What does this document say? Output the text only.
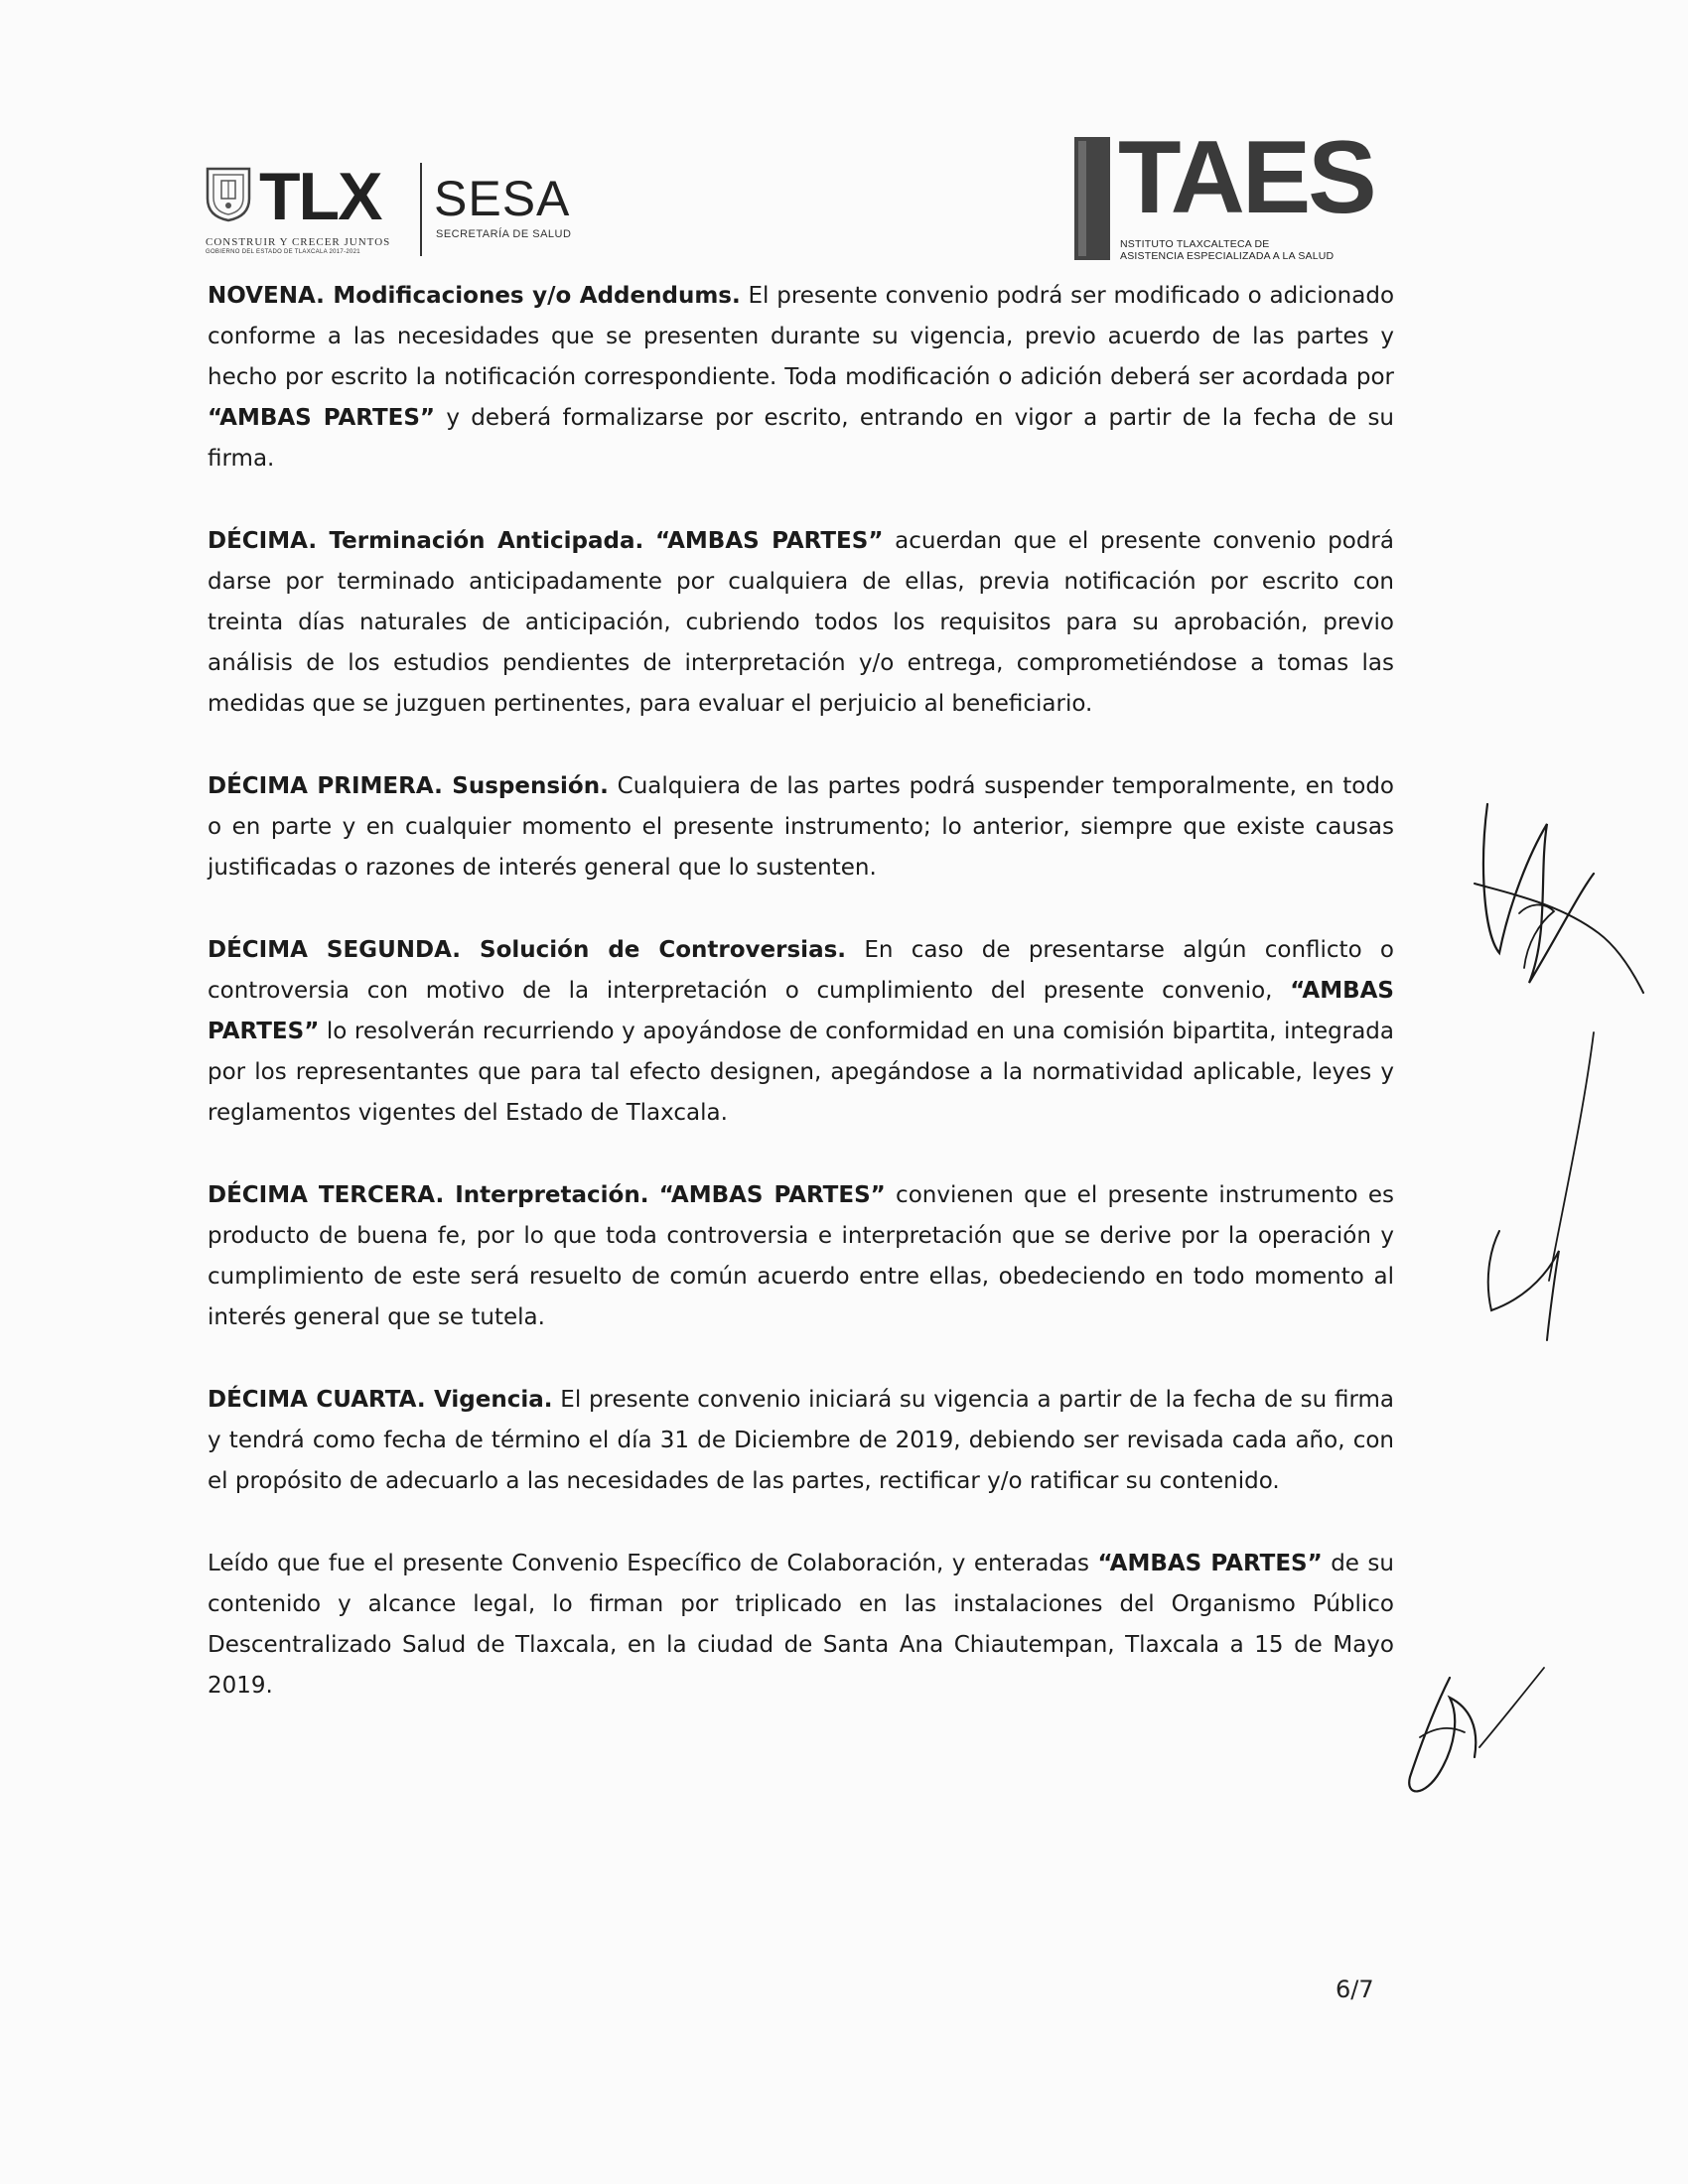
TLX
CONSTRUIR Y CRECER JUNTOS
GOBIERNO DEL ESTADO DE TLAXCALA 2017-2021
SESA
SECRETARÍA DE SALUD	TAES
NSTITUTO TLAXCALTECA DE
ASISTENCIA ESPECIALIZADA A LA SALUD

NOVENA. Modificaciones y/o Addendums. El presente convenio podrá ser modificado o adicionado conforme a las necesidades que se presenten durante su vigencia, previo acuerdo de las partes y hecho por escrito la notificación correspondiente. Toda modificación o adición deberá ser acordada por “AMBAS PARTES” y deberá formalizarse por escrito, entrando en vigor a partir de la fecha de su firma.

DÉCIMA. Terminación Anticipada. “AMBAS PARTES” acuerdan que el presente convenio podrá darse por terminado anticipadamente por cualquiera de ellas, previa notificación por escrito con treinta días naturales de anticipación, cubriendo todos los requisitos para su aprobación, previo análisis de los estudios pendientes de interpretación y/o entrega, comprometiéndose a tomas las medidas que se juzguen pertinentes, para evaluar el perjuicio al beneficiario.

DÉCIMA PRIMERA. Suspensión. Cualquiera de las partes podrá suspender temporalmente, en todo o en parte y en cualquier momento el presente instrumento; lo anterior, siempre que existe causas justificadas o razones de interés general que lo sustenten.

DÉCIMA SEGUNDA. Solución de Controversias. En caso de presentarse algún conflicto o controversia con motivo de la interpretación o cumplimiento del presente convenio, “AMBAS PARTES” lo resolverán recurriendo y apoyándose de conformidad en una comisión bipartita, integrada por los representantes que para tal efecto designen, apegándose a la normatividad aplicable, leyes y reglamentos vigentes del Estado de Tlaxcala.

DÉCIMA TERCERA. Interpretación. “AMBAS PARTES” convienen que el presente instrumento es producto de buena fe, por lo que toda controversia e interpretación que se derive por la operación y cumplimiento de este será resuelto de común acuerdo entre ellas, obedeciendo en todo momento al interés general que se tutela.

DÉCIMA CUARTA. Vigencia. El presente convenio iniciará su vigencia a partir de la fecha de su firma y tendrá como fecha de término el día 31 de Diciembre de 2019, debiendo ser revisada cada año, con el propósito de adecuarlo a las necesidades de las partes, rectificar y/o ratificar su contenido.

Leído que fue el presente Convenio Específico de Colaboración, y enteradas “AMBAS PARTES” de su contenido y alcance legal, lo firman por triplicado en las instalaciones del Organismo Público Descentralizado Salud de Tlaxcala, en la ciudad de Santa Ana Chiautempan, Tlaxcala a 15 de Mayo 2019.

6/7
